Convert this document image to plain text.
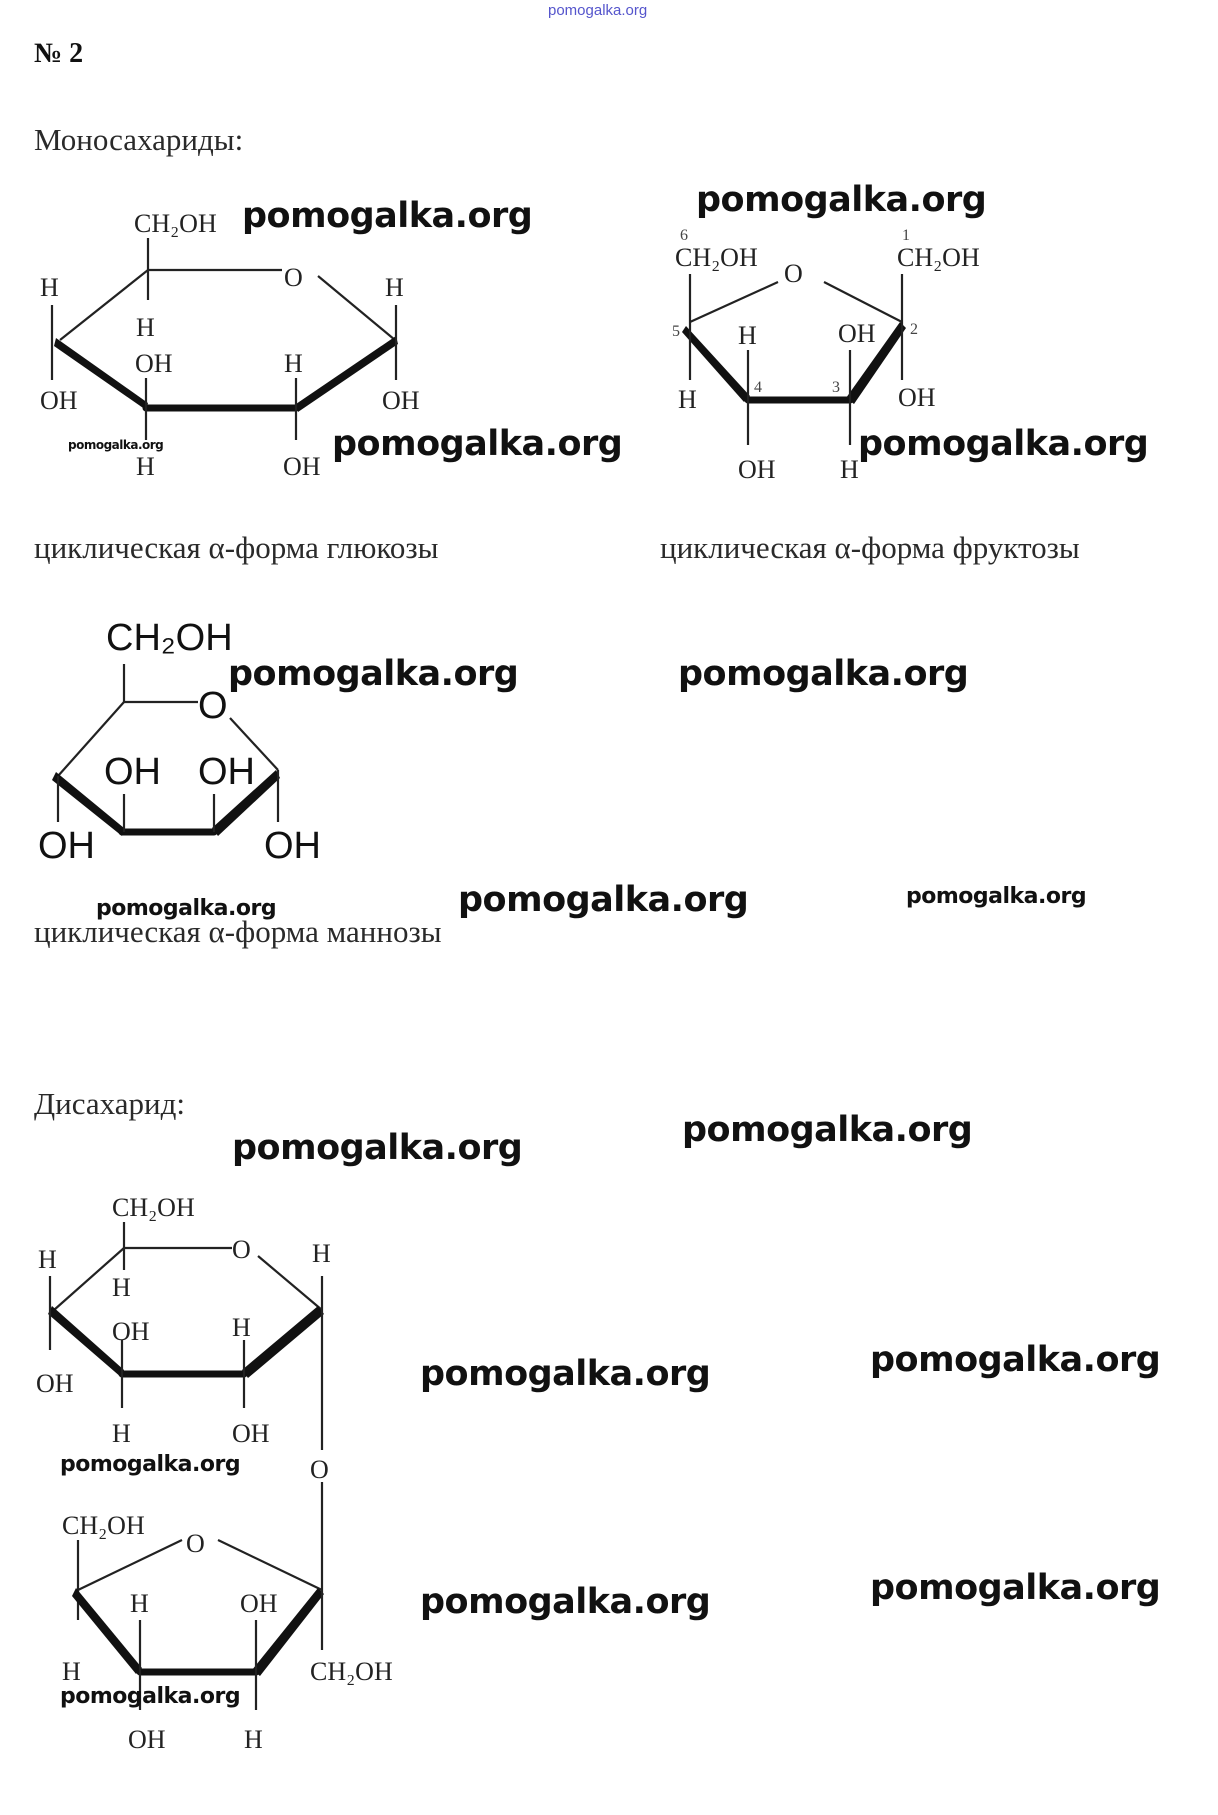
pomogalka.org
№ 2
Моносахариды:
CH₂OH
O
H	H
H
OH	H
OH	OH
H	OH
6	1
CH₂OH
O
CH₂OH
5 H	OH 2
4	3
H	OH
OH H
CH₂OH
O
OH OH
OH	OH
CH₂OH
O
H	H
H
OH	H
OH
H	OH
O
CH₂OH
O
H	OH
H	CH₂OH
OH	H
циклическая α-форма глюкозы	циклическая α-форма фруктозы
циклическая α-форма маннозы
Дисахарид:
pomogalka.org	pomogalka.org
pomogalka.org	pomogalka.org	pomogalka.org
pomogalka.org	pomogalka.org
pomogalka.org	pomogalka.org	pomogalka.org
pomogalka.org	pomogalka.org
pomogalka.org
pomogalka.org
pomogalka.org
pomogalka.org
pomogalka.org
pomogalka.org
